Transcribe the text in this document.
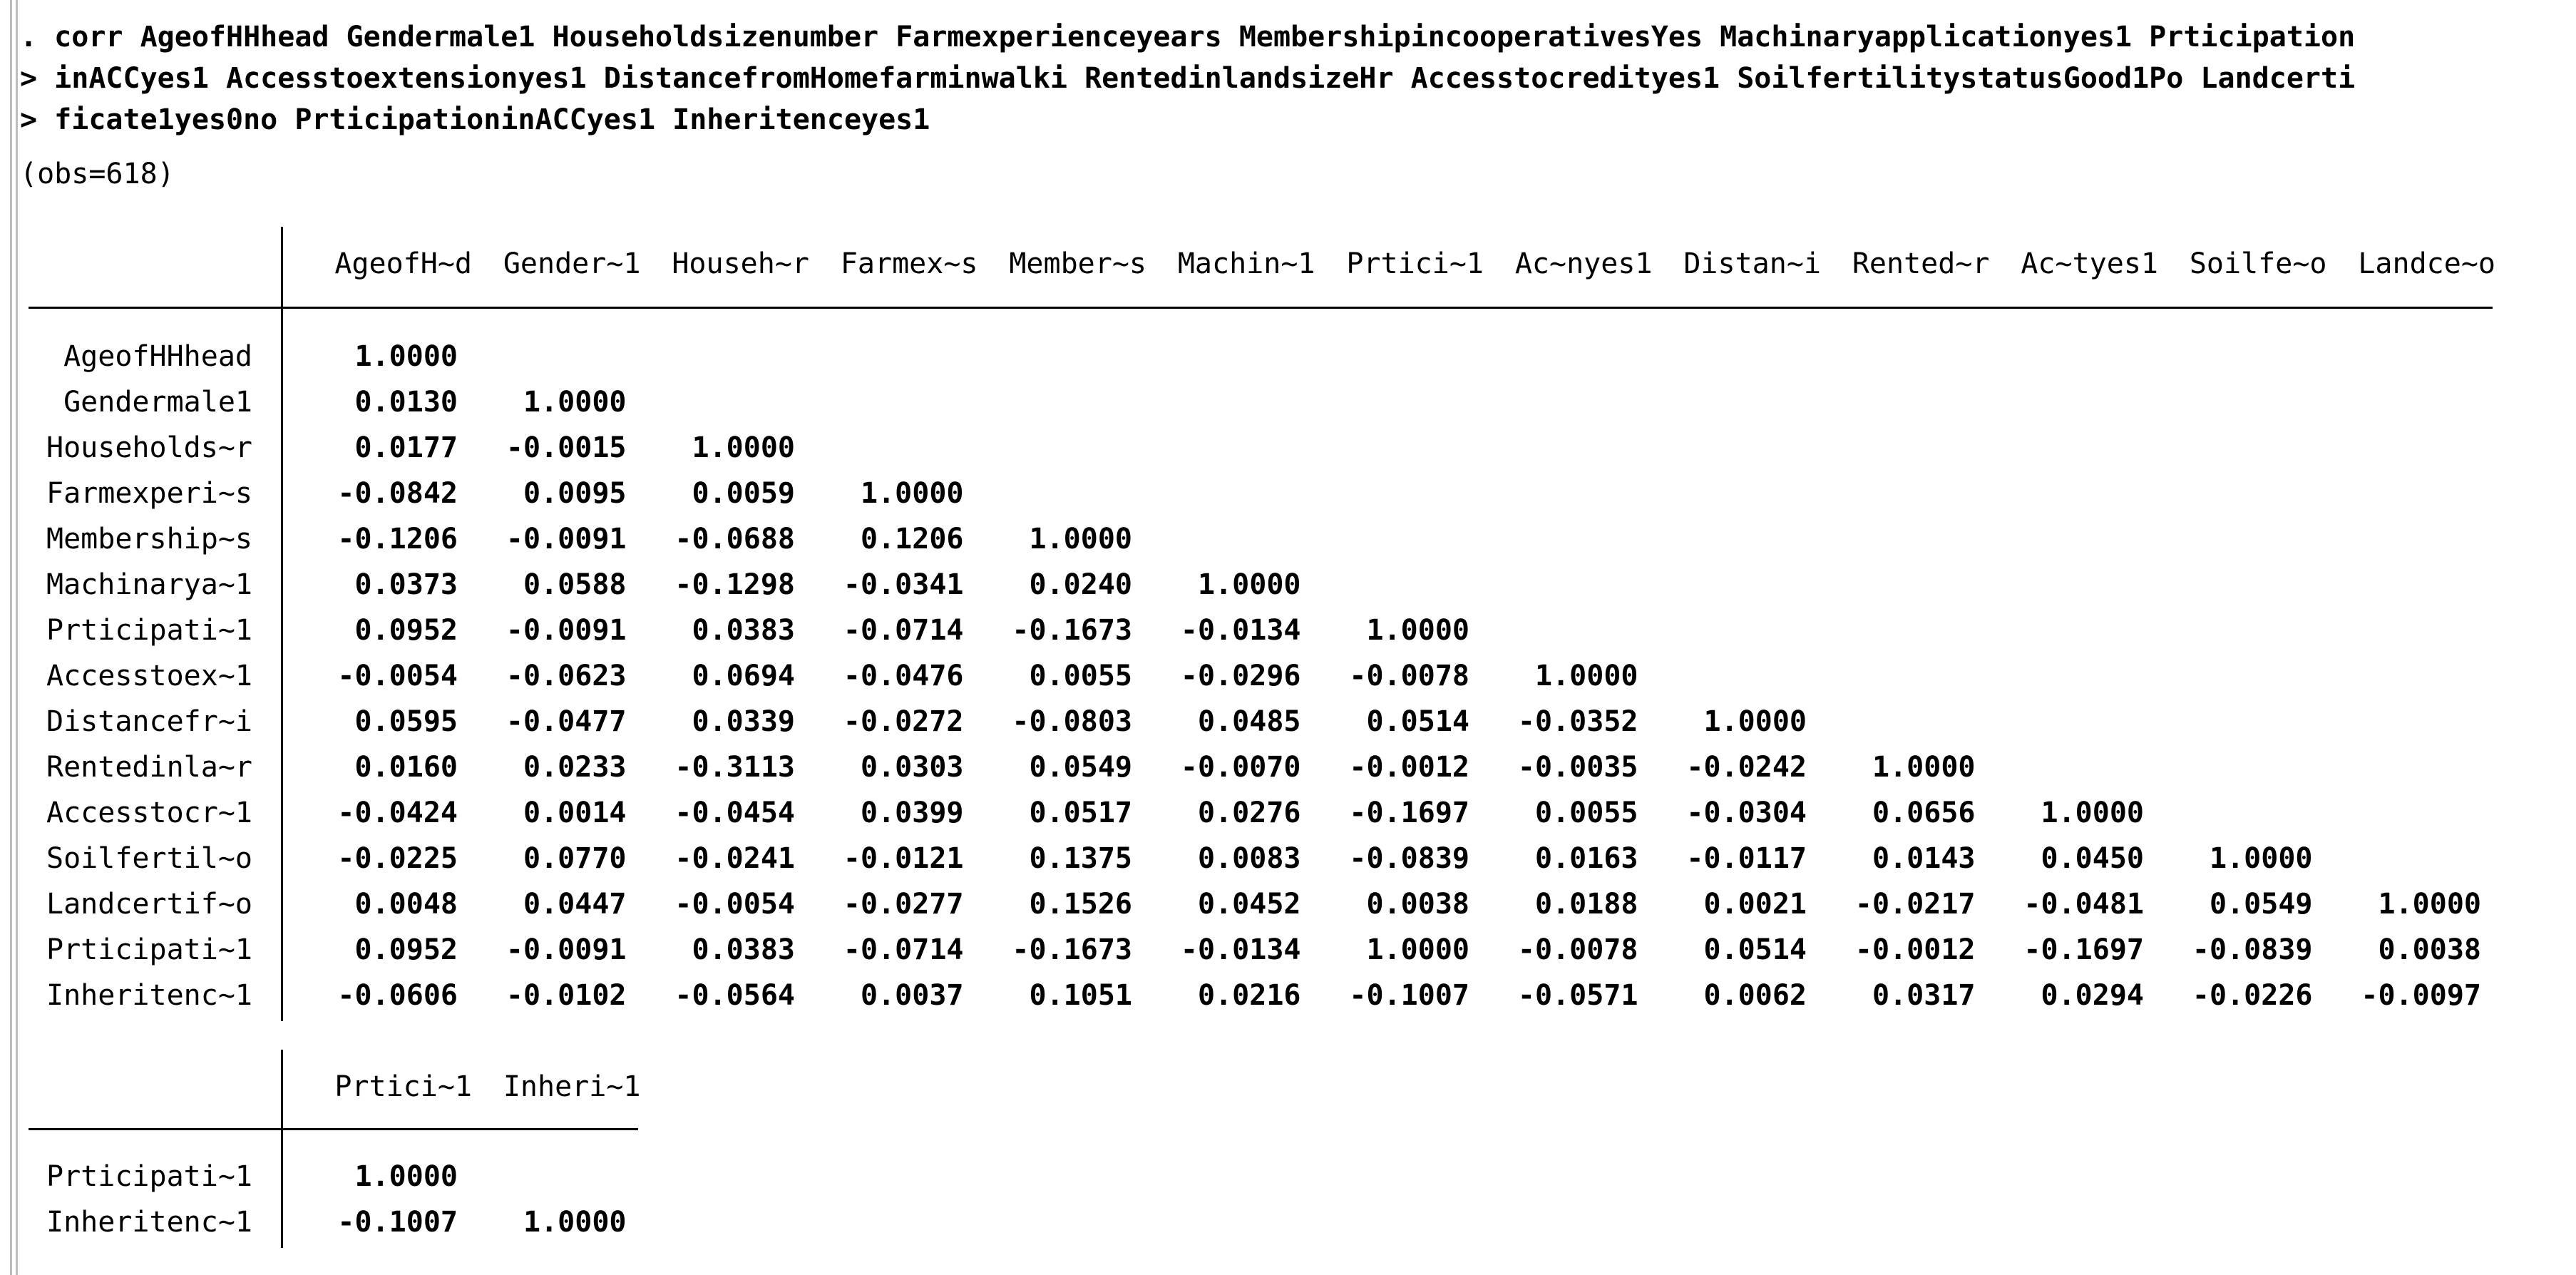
. corr AgeofHHhead Gendermale1 Householdsizenumber Farmexperienceyears MembershipincooperativesYes Machinaryapplicationyes1 Prticipation
> inACCyes1 Accesstoextensionyes1 DistancefromHomefarminwalki RentedinlandsizeHr Accesstocredityes1 SoilfertilitystatusGood1Po Landcerti
> ficate1yes0no PrticipationinACCyes1 Inheritenceyes1
(obs=618)
AgeofH~d	Gender~1	Househ~r	Farmex~s	Member~s	Machin~1	Prtici~1	Ac~nyes1	Distan~i	Rented~r	Ac~tyes1	Soilfe~o	Landce~o
AgeofHHhead	1.0000
Gendermale1	0.0130	1.0000
Households~r	0.0177	-0.0015	1.0000
Farmexperi~s	-0.0842	0.0095	0.0059	1.0000
Membership~s	-0.1206	-0.0091	-0.0688	0.1206	1.0000
Machinarya~1	0.0373	0.0588	-0.1298	-0.0341	0.0240	1.0000
Prticipati~1	0.0952	-0.0091	0.0383	-0.0714	-0.1673	-0.0134	1.0000
Accesstoex~1	-0.0054	-0.0623	0.0694	-0.0476	0.0055	-0.0296	-0.0078	1.0000
Distancefr~i	0.0595	-0.0477	0.0339	-0.0272	-0.0803	0.0485	0.0514	-0.0352	1.0000
Rentedinla~r	0.0160	0.0233	-0.3113	0.0303	0.0549	-0.0070	-0.0012	-0.0035	-0.0242	1.0000
Accesstocr~1	-0.0424	0.0014	-0.0454	0.0399	0.0517	0.0276	-0.1697	0.0055	-0.0304	0.0656	1.0000
Soilfertil~o	-0.0225	0.0770	-0.0241	-0.0121	0.1375	0.0083	-0.0839	0.0163	-0.0117	0.0143	0.0450	1.0000
Landcertif~o	0.0048	0.0447	-0.0054	-0.0277	0.1526	0.0452	0.0038	0.0188	0.0021	-0.0217	-0.0481	0.0549	1.0000
Prticipati~1	0.0952	-0.0091	0.0383	-0.0714	-0.1673	-0.0134	1.0000	-0.0078	0.0514	-0.0012	-0.1697	-0.0839	0.0038
Inheritenc~1	-0.0606	-0.0102	-0.0564	0.0037	0.1051	0.0216	-0.1007	-0.0571	0.0062	0.0317	0.0294	-0.0226	-0.0097
Prtici~1	Inheri~1
Prticipati~1	1.0000
Inheritenc~1	-0.1007	1.0000
